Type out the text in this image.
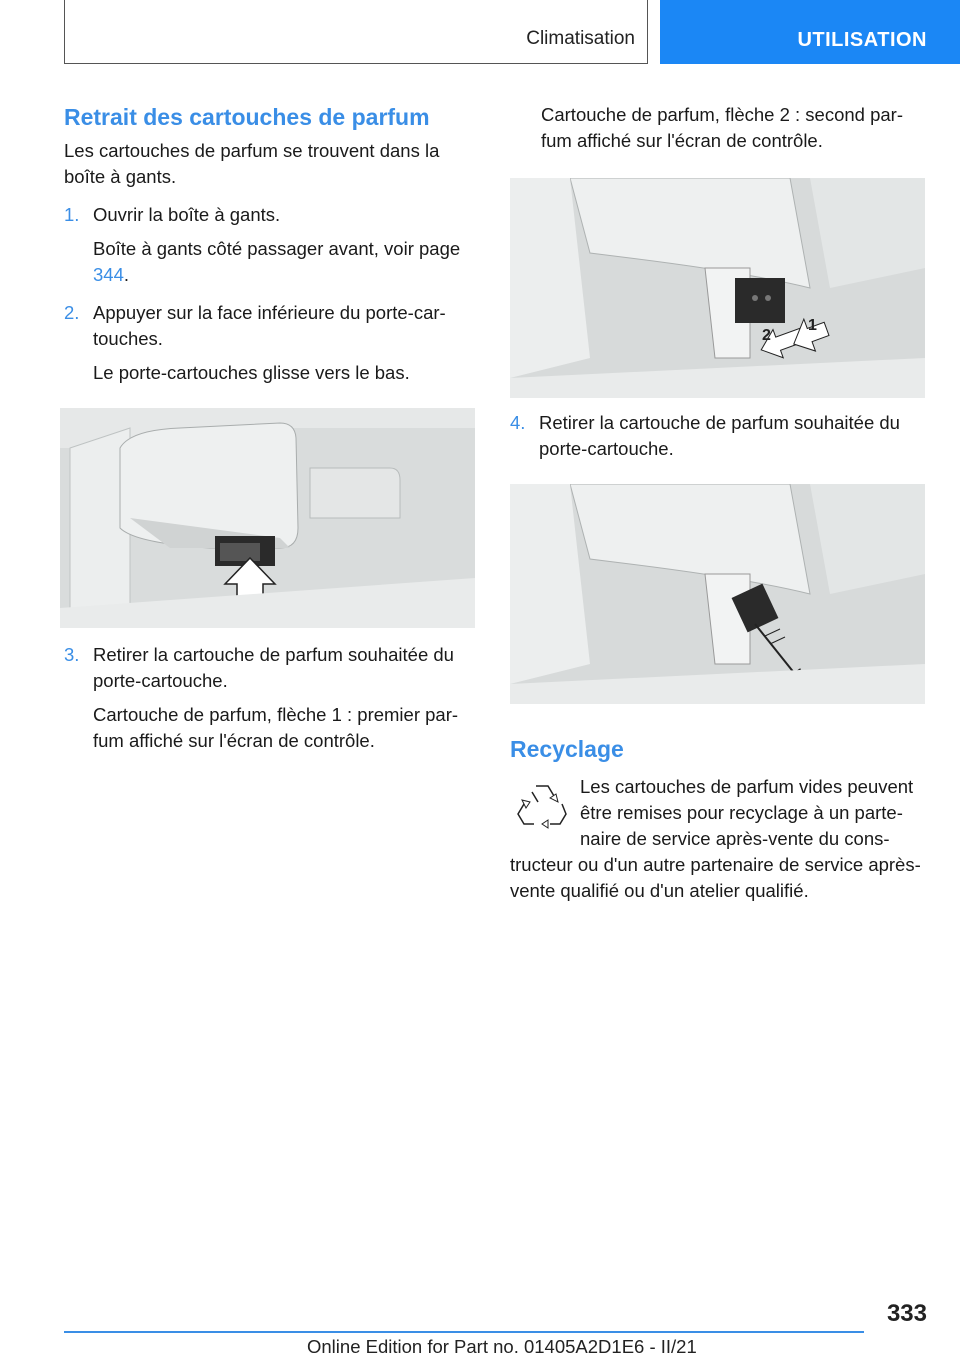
Climatisation	UTILISATION
Retrait des cartouches de parfum

Les cartouches de parfum se trouvent dans la boîte à gants.

1. Ouvrir la boîte à gants.

Boîte à gants côté passager avant, voir page 344.

2. Appuyer sur la face inférieure du porte-cartouches.

Le porte-cartouches glisse vers le bas.

3. Retirer la cartouche de parfum souhaitée du porte-cartouche.

Cartouche de parfum, flèche 1 : premier parfum affiché sur l'écran de contrôle.

Cartouche de parfum, flèche 2 : second parfum affiché sur l'écran de contrôle.

2
1
4. Retirer la cartouche de parfum souhaitée du porte-cartouche.
Recyclage

Les cartouches de parfum vides peuvent être remises pour recyclage à un partenaire de service après-vente du constructeur ou d'un autre partenaire de service après-vente qualifié ou d'un atelier qualifié.

333
Online Edition for Part no. 01405A2D1E6 - II/21
